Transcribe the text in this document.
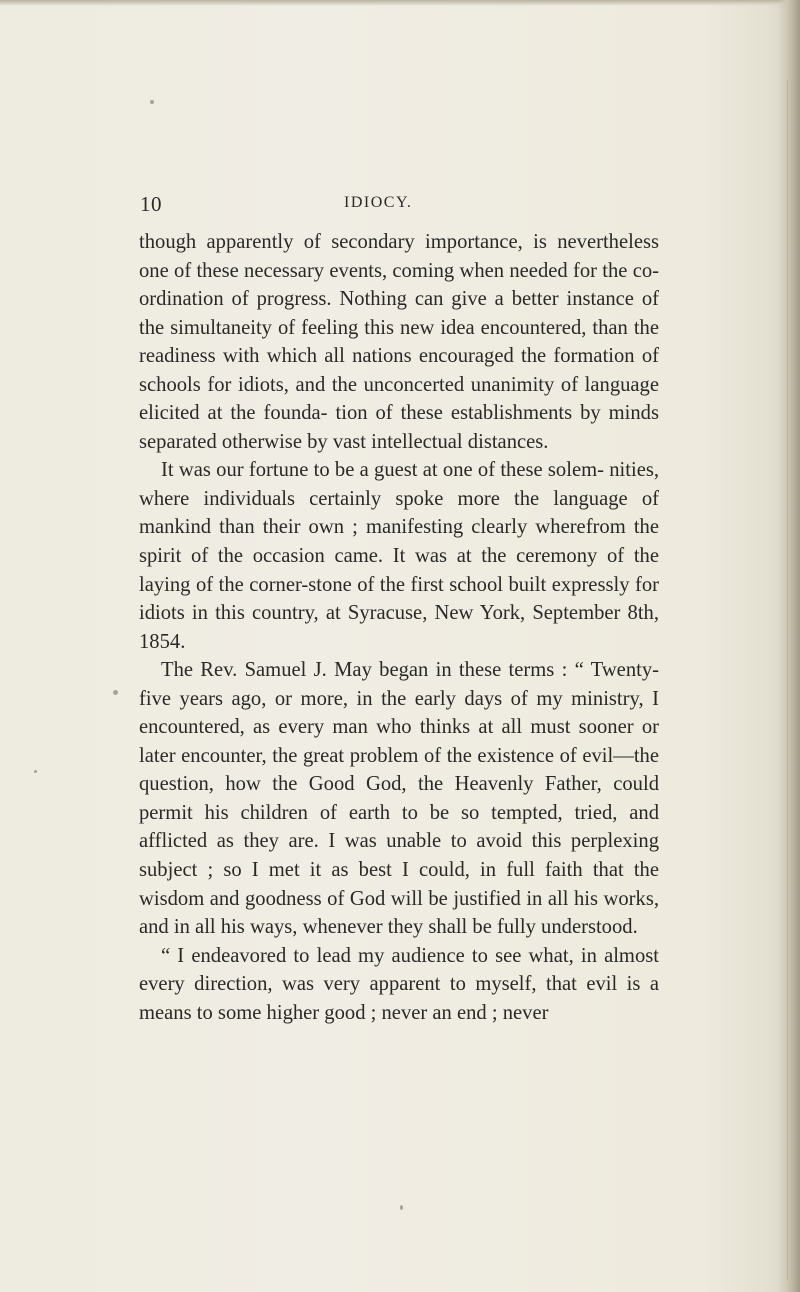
10	IDIOCY.

though apparently of secondary importance, is nevertheless one of these necessary events, coming when needed for the co-ordination of progress. Nothing can give a better instance of the simultaneity of feeling this new idea encountered, than the readiness with which all nations encouraged the formation of schools for idiots, and the unconcerted unanimity of language elicited at the founda- tion of these establishments by minds separated otherwise by vast intellectual distances.

It was our fortune to be a guest at one of these solem- nities, where individuals certainly spoke more the language of mankind than their own ; manifesting clearly wherefrom the spirit of the occasion came. It was at the ceremony of the laying of the corner-stone of the first school built expressly for idiots in this country, at Syracuse, New York, September 8th, 1854.

The Rev. Samuel J. May began in these terms : “ Twenty- five years ago, or more, in the early days of my ministry, I encountered, as every man who thinks at all must sooner or later encounter, the great problem of the existence of evil—the question, how the Good God, the Heavenly Father, could permit his children of earth to be so tempted, tried, and afflicted as they are. I was unable to avoid this perplexing subject ; so I met it as best I could, in full faith that the wisdom and goodness of God will be justified in all his works, and in all his ways, whenever they shall be fully understood.

“ I endeavored to lead my audience to see what, in almost every direction, was very apparent to myself, that evil is a means to some higher good ; never an end ; never
